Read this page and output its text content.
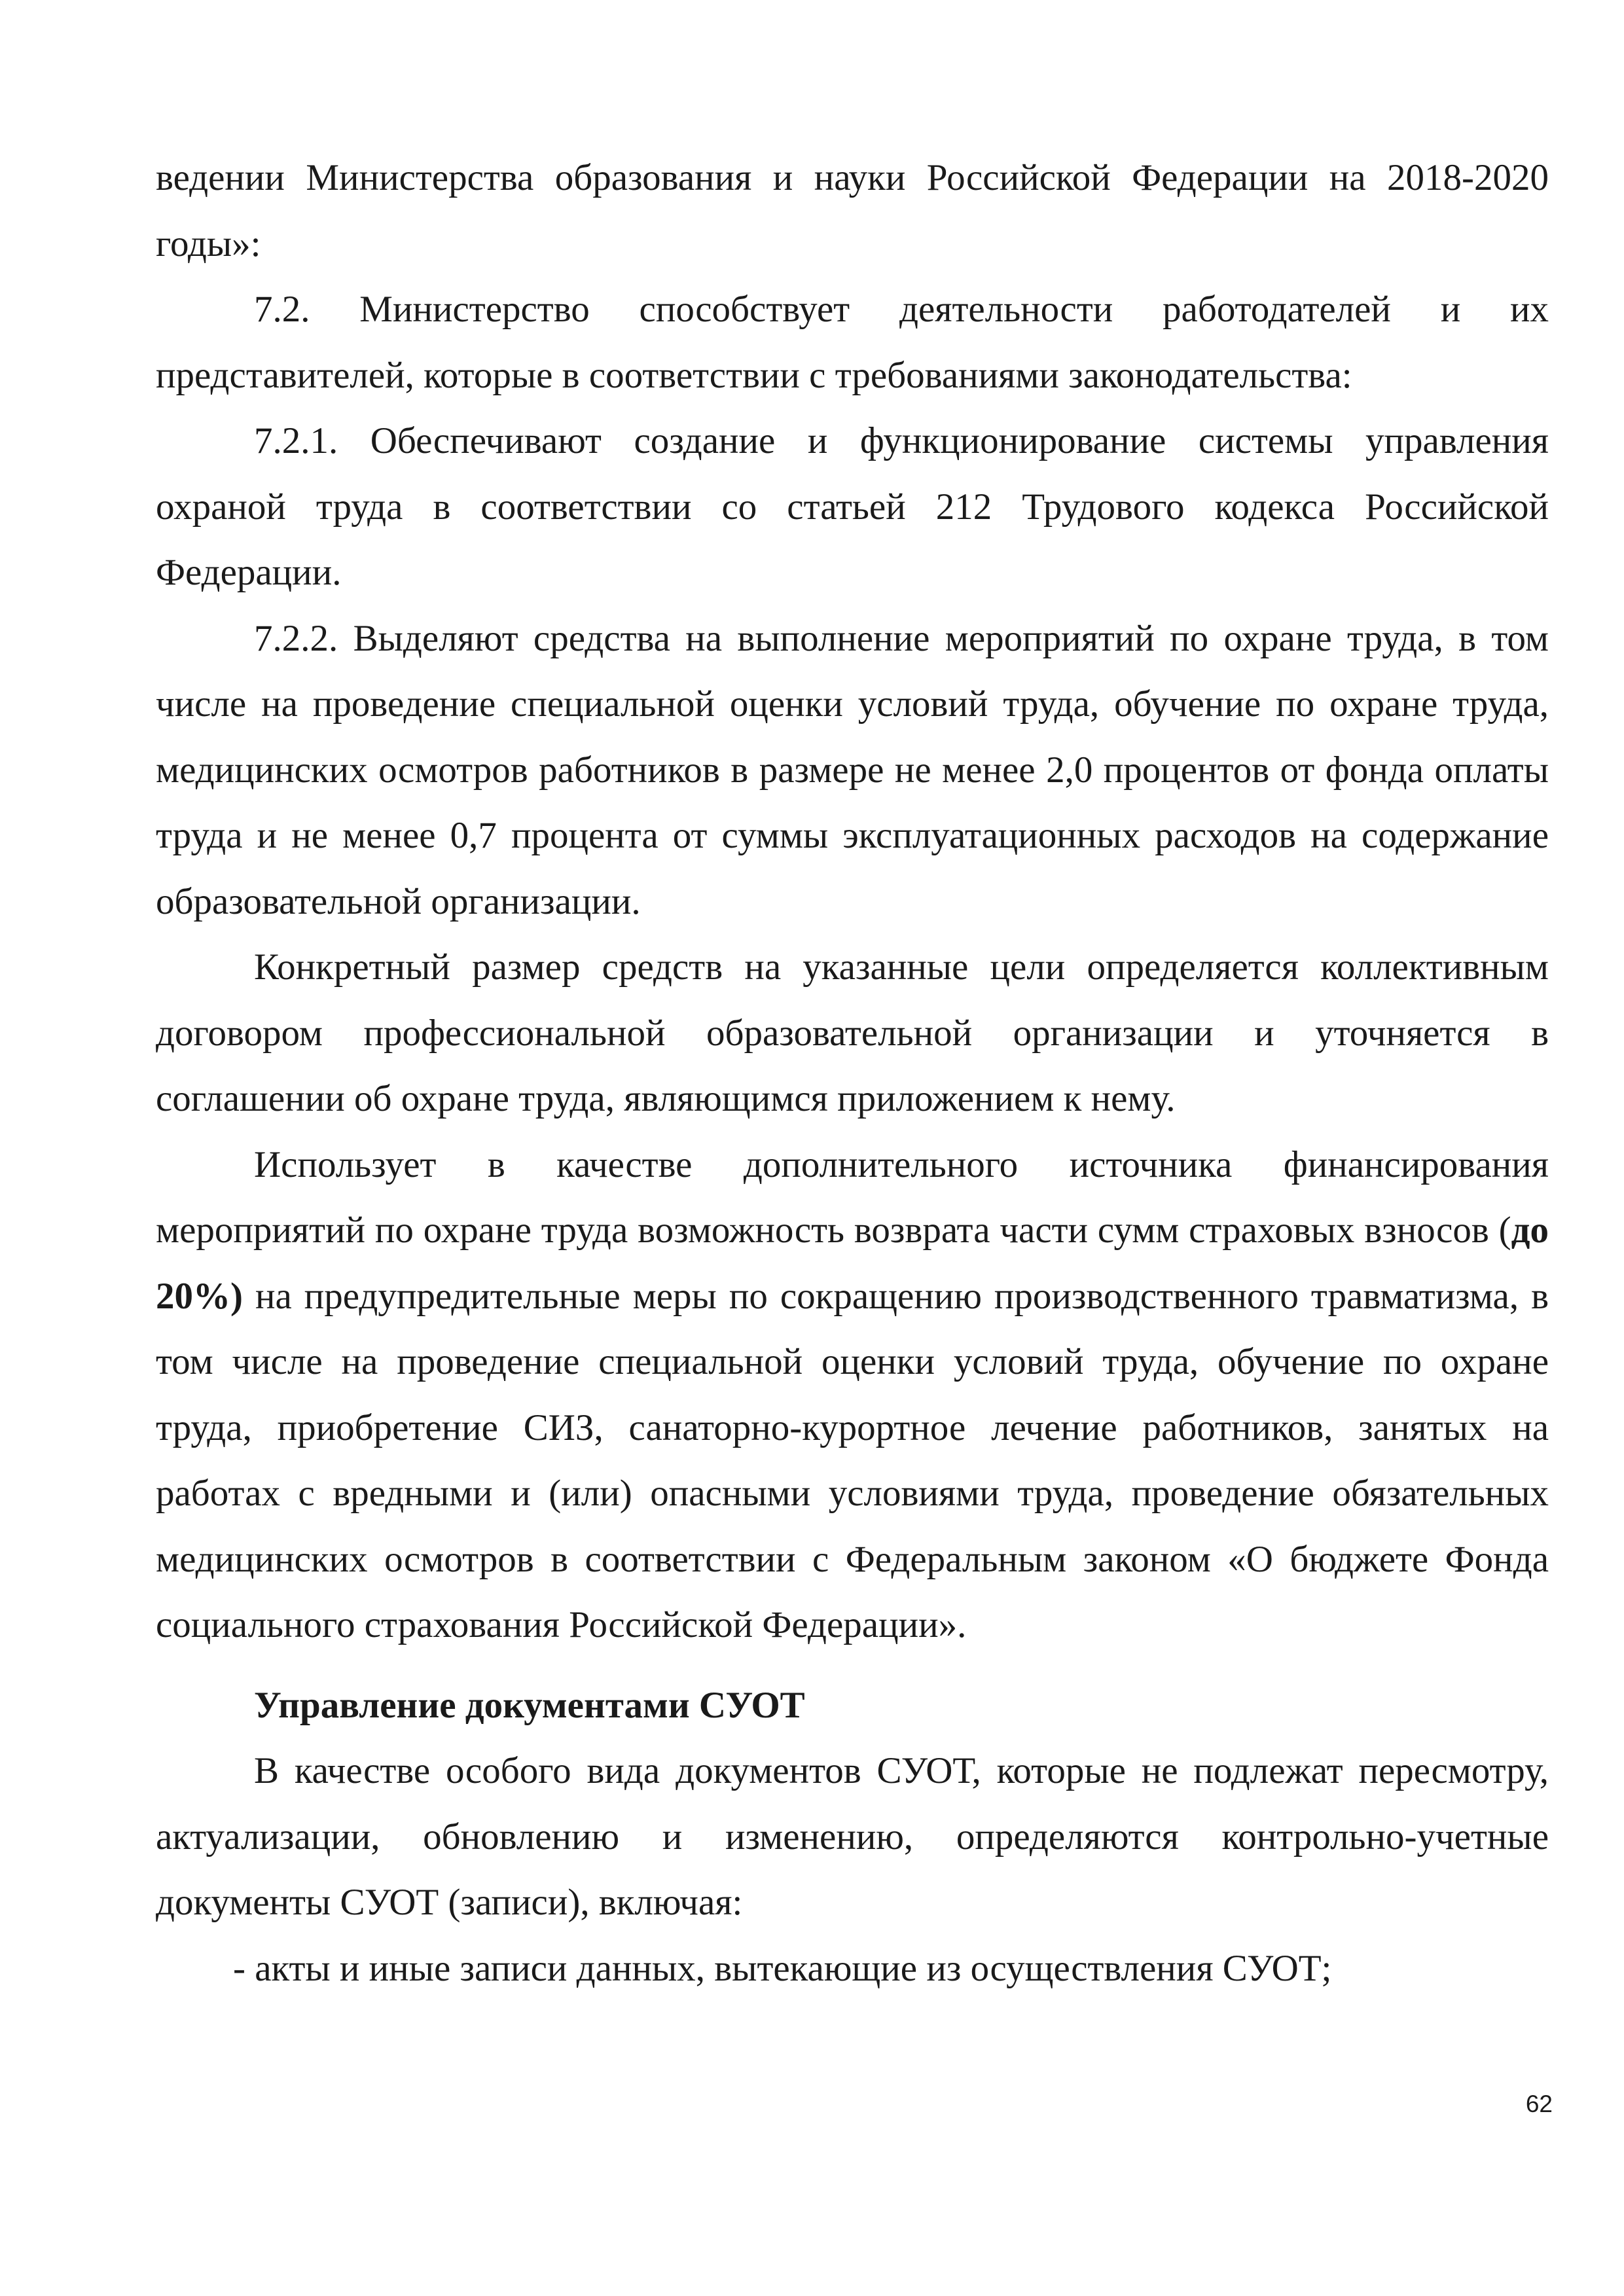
ведении Министерства образования и науки Российской Федерации на 2018-2020 годы»:

7.2. Министерство способствует деятельности работодателей и их представителей, которые в соответствии с требованиями законодательства:

7.2.1. Обеспечивают создание и функционирование системы управления охраной труда в соответствии со статьей 212 Трудового кодекса Российской Федерации.

7.2.2. Выделяют средства на выполнение мероприятий по охране труда, в том числе на проведение специальной оценки условий труда, обучение по охране труда, медицинских осмотров работников в размере не менее 2,0 процентов от фонда оплаты труда и не менее 0,7 процента от суммы эксплуатационных расходов на содержание образовательной организации.

Конкретный размер средств на указанные цели определяется коллективным договором профессиональной образовательной организации и уточняется в соглашении об охране труда, являющимся приложением к нему.

Использует в качестве дополнительного источника финансирования мероприятий по охране труда возможность возврата части сумм страховых взносов (до 20%) на предупредительные меры по сокращению производственного травматизма, в том числе на проведение специальной оценки условий труда, обучение по охране труда, приобретение СИЗ, санаторно-курортное лечение работников, занятых на работах с вредными и (или) опасными условиями труда, проведение обязательных медицинских осмотров в соответствии с Федеральным законом «О бюджете Фонда социального страхования Российской Федерации».

Управление документами СУОТ

В качестве особого вида документов СУОТ, которые не подлежат пересмотру, актуализации, обновлению и изменению, определяются контрольно-учетные документы СУОТ (записи), включая:

- акты и иные записи данных, вытекающие из осуществления СУОТ;

62
